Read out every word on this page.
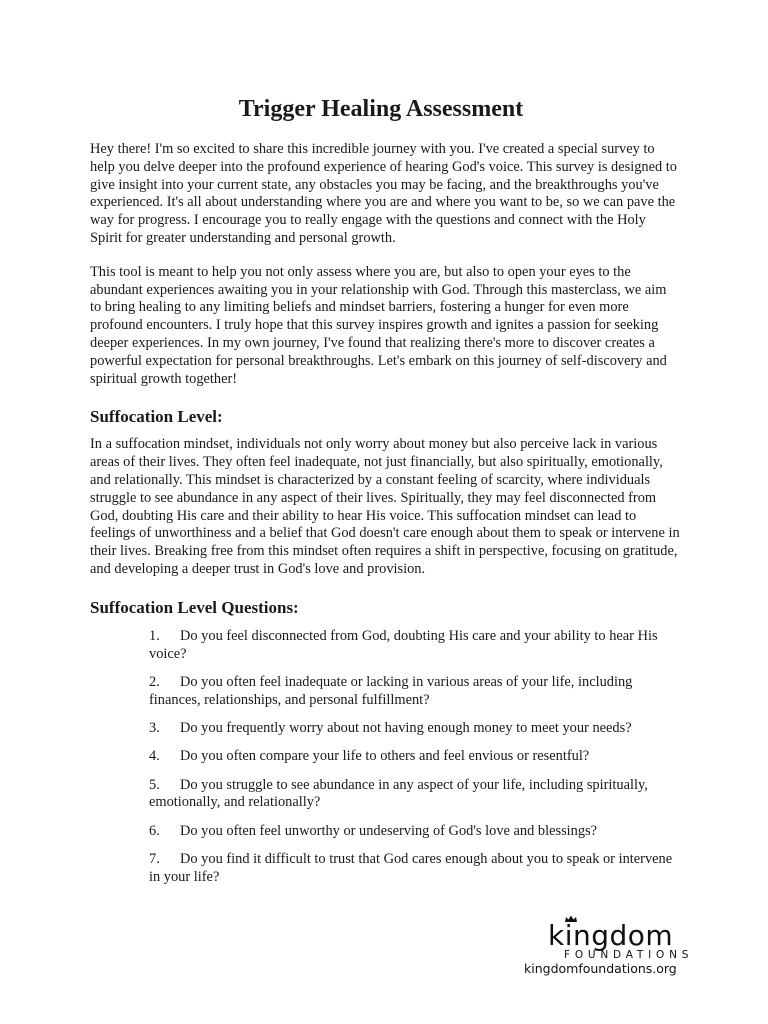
Trigger Healing Assessment

Hey there! I'm so excited to share this incredible journey with you. I've created a special survey to help you delve deeper into the profound experience of hearing God's voice. This survey is designed to give insight into your current state, any obstacles you may be facing, and the breakthroughs you've experienced. It's all about understanding where you are and where you want to be, so we can pave the way for progress. I encourage you to really engage with the questions and connect with the Holy Spirit for greater understanding and personal growth.

This tool is meant to help you not only assess where you are, but also to open your eyes to the abundant experiences awaiting you in your relationship with God. Through this masterclass, we aim to bring healing to any limiting beliefs and mindset barriers, fostering a hunger for even more profound encounters. I truly hope that this survey inspires growth and ignites a passion for seeking deeper experiences. In my own journey, I've found that realizing there's more to discover creates a powerful expectation for personal breakthroughs. Let's embark on this journey of self-discovery and spiritual growth together!

Suffocation Level:

In a suffocation mindset, individuals not only worry about money but also perceive lack in various areas of their lives. They often feel inadequate, not just financially, but also spiritually, emotionally, and relationally. This mindset is characterized by a constant feeling of scarcity, where individuals struggle to see abundance in any aspect of their lives. Spiritually, they may feel disconnected from God, doubting His care and their ability to hear His voice. This suffocation mindset can lead to feelings of unworthiness and a belief that God doesn't care enough about them to speak or intervene in their lives. Breaking free from this mindset often requires a shift in perspective, focusing on gratitude, and developing a deeper trust in God's love and provision.

Suffocation Level Questions:
1. Do you feel disconnected from God, doubting His care and your ability to hear His voice?
2. Do you often feel inadequate or lacking in various areas of your life, including finances, relationships, and personal fulfillment?
3. Do you frequently worry about not having enough money to meet your needs?
4. Do you often compare your life to others and feel envious or resentful?
5. Do you struggle to see abundance in any aspect of your life, including spiritually, emotionally, and relationally?
6. Do you often feel unworthy or undeserving of God's love and blessings?
7. Do you find it difficult to trust that God cares enough about you to speak or intervene in your life?
kingdom
FOUNDATIONS
kingdomfoundations.org
